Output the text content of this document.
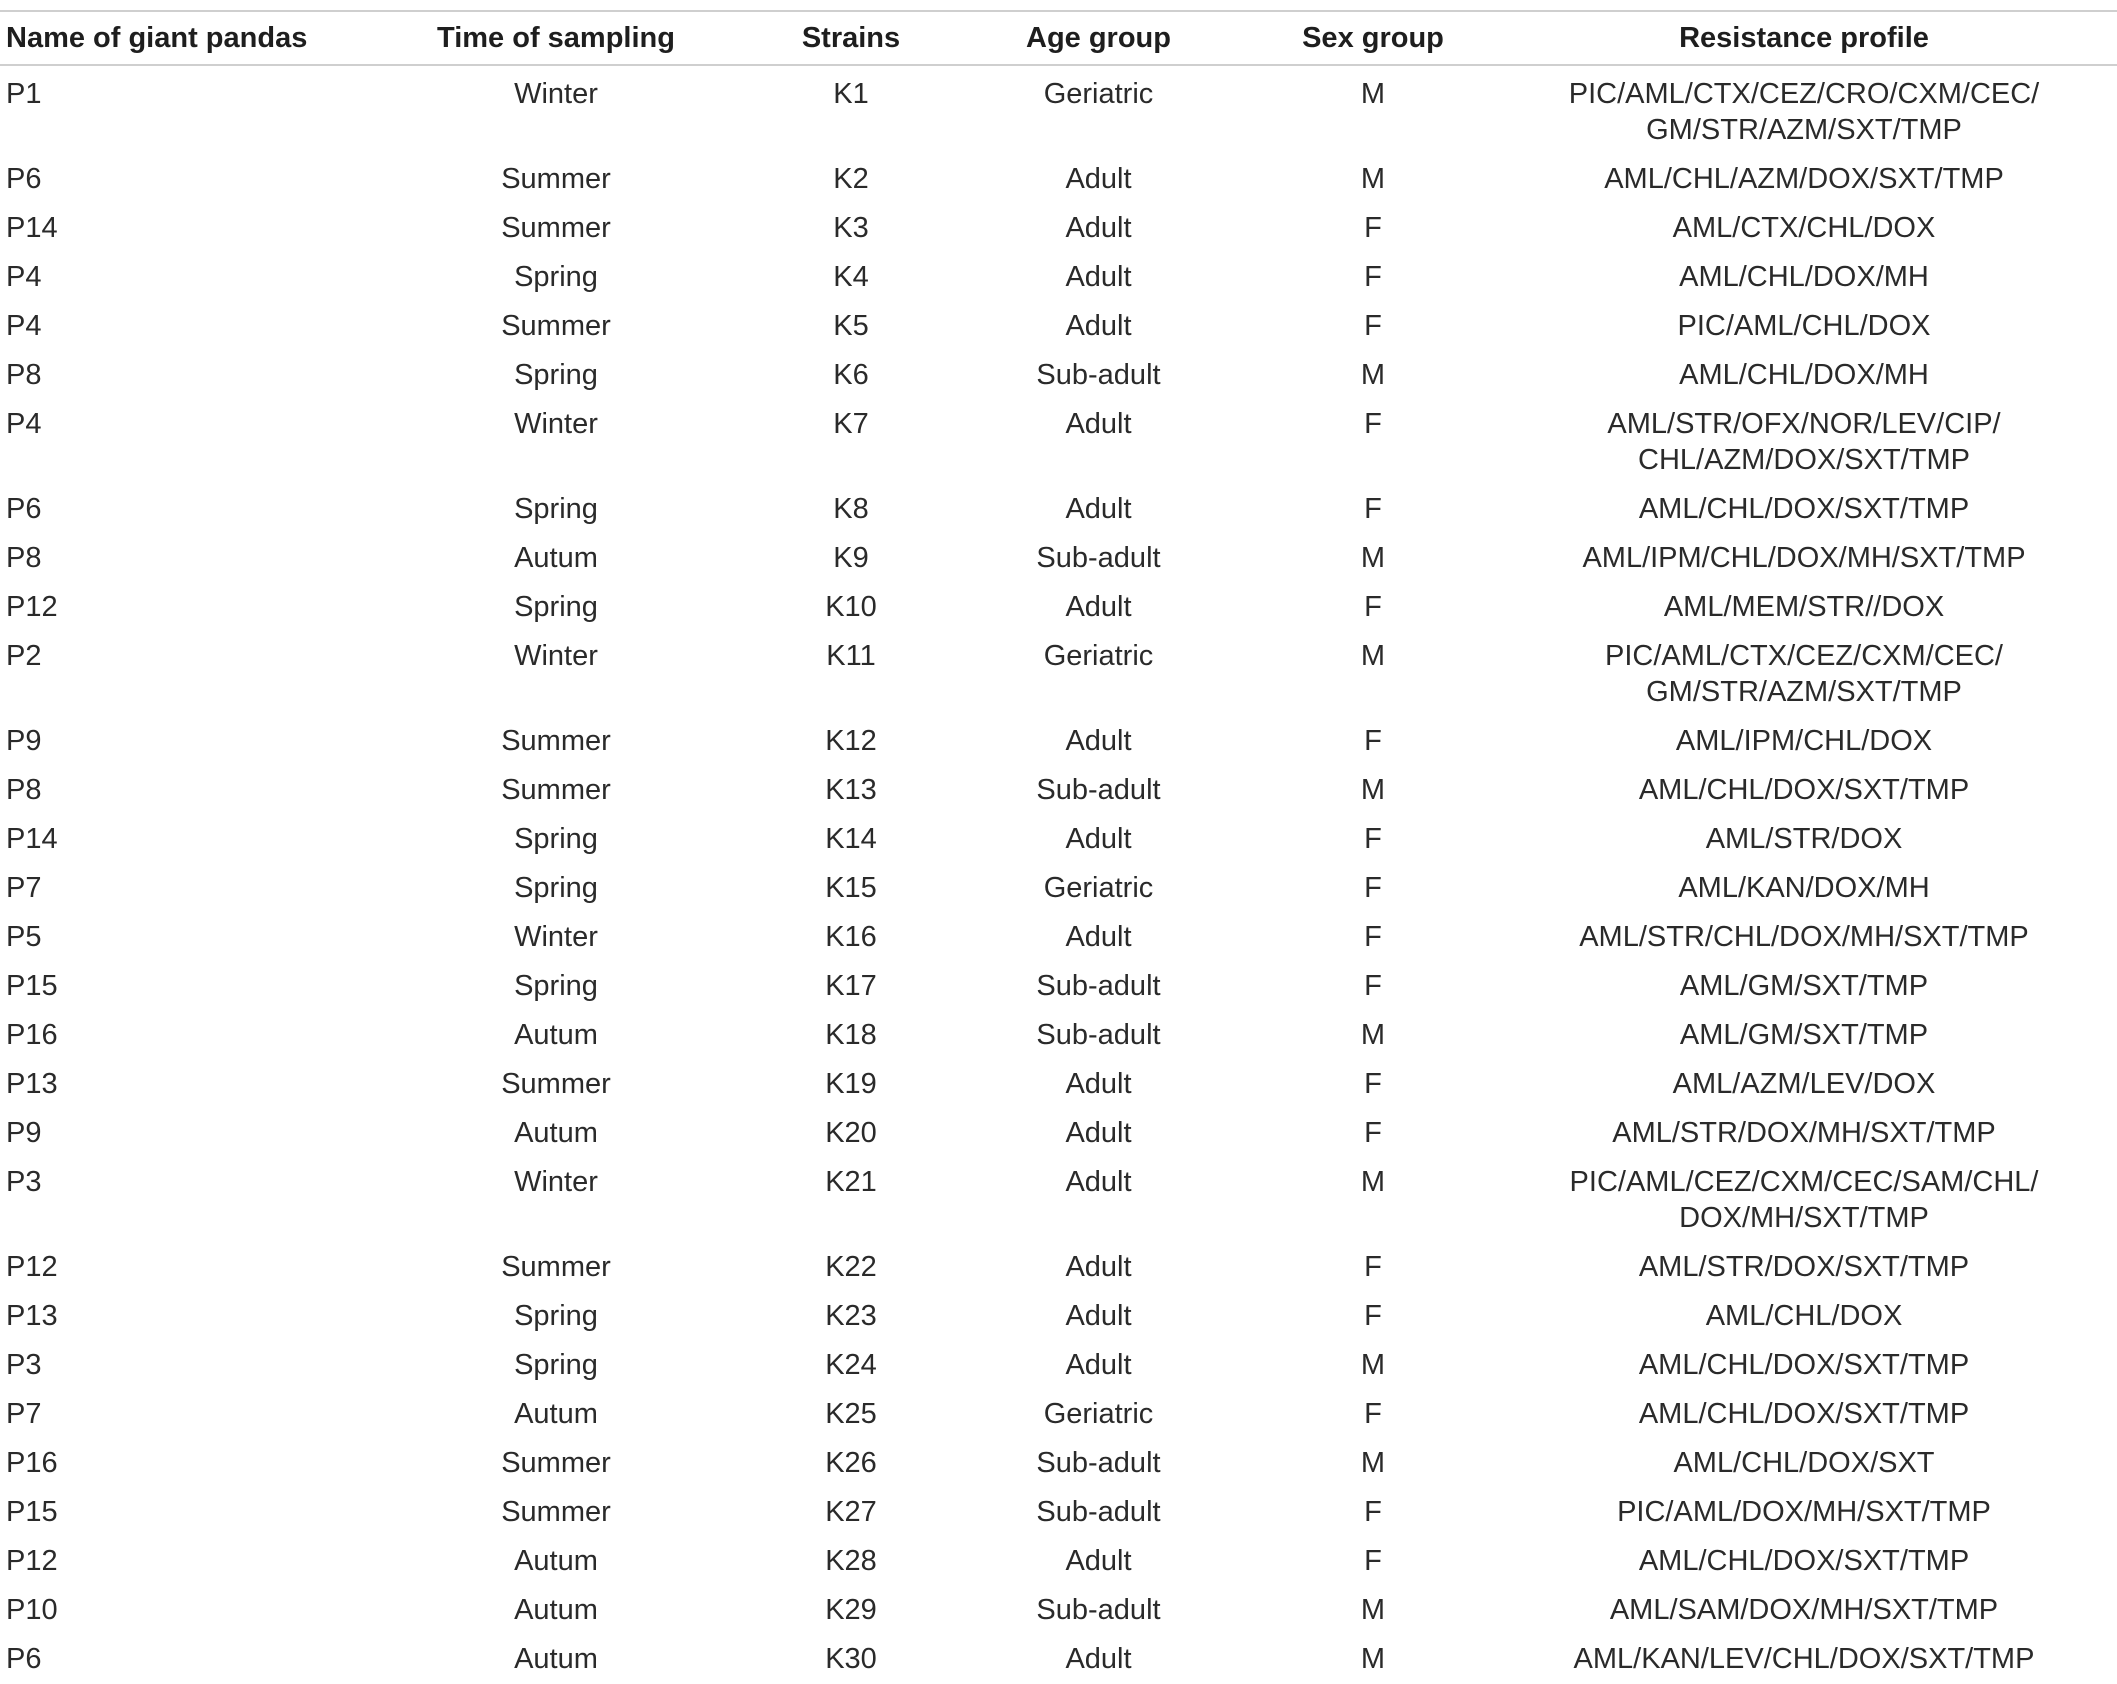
Name of giant pandas	Time of sampling	Strains	Age group	Sex group	Resistance profile
P1	Winter	K1	Geriatric	M	PIC/AML/CTX/CEZ/CRO/CXM/CEC/
GM/STR/AZM/SXT/TMP

P6	Summer	K2	Adult	M	AML/CHL/AZM/DOX/SXT/TMP

P14	Summer	K3	Adult	F	AML/CTX/CHL/DOX

P4	Spring	K4	Adult	F	AML/CHL/DOX/MH

P4	Summer	K5	Adult	F	PIC/AML/CHL/DOX

P8	Spring	K6	Sub-adult	M	AML/CHL/DOX/MH

P4	Winter	K7	Adult	F	AML/STR/OFX/NOR/LEV/CIP/
CHL/AZM/DOX/SXT/TMP

P6	Spring	K8	Adult	F	AML/CHL/DOX/SXT/TMP

P8	Autum	K9	Sub-adult	M	AML/IPM/CHL/DOX/MH/SXT/TMP

P12	Spring	K10	Adult	F	AML/MEM/STR//DOX

P2	Winter	K11	Geriatric	M	PIC/AML/CTX/CEZ/CXM/CEC/
GM/STR/AZM/SXT/TMP

P9	Summer	K12	Adult	F	AML/IPM/CHL/DOX

P8	Summer	K13	Sub-adult	M	AML/CHL/DOX/SXT/TMP

P14	Spring	K14	Adult	F	AML/STR/DOX

P7	Spring	K15	Geriatric	F	AML/KAN/DOX/MH

P5	Winter	K16	Adult	F	AML/STR/CHL/DOX/MH/SXT/TMP

P15	Spring	K17	Sub-adult	F	AML/GM/SXT/TMP

P16	Autum	K18	Sub-adult	M	AML/GM/SXT/TMP

P13	Summer	K19	Adult	F	AML/AZM/LEV/DOX

P9	Autum	K20	Adult	F	AML/STR/DOX/MH/SXT/TMP

P3	Winter	K21	Adult	M	PIC/AML/CEZ/CXM/CEC/SAM/CHL/
DOX/MH/SXT/TMP

P12	Summer	K22	Adult	F	AML/STR/DOX/SXT/TMP

P13	Spring	K23	Adult	F	AML/CHL/DOX

P3	Spring	K24	Adult	M	AML/CHL/DOX/SXT/TMP

P7	Autum	K25	Geriatric	F	AML/CHL/DOX/SXT/TMP

P16	Summer	K26	Sub-adult	M	AML/CHL/DOX/SXT

P15	Summer	K27	Sub-adult	F	PIC/AML/DOX/MH/SXT/TMP

P12	Autum	K28	Adult	F	AML/CHL/DOX/SXT/TMP

P10	Autum	K29	Sub-adult	M	AML/SAM/DOX/MH/SXT/TMP

P6	Autum	K30	Adult	M	AML/KAN/LEV/CHL/DOX/SXT/TMP
